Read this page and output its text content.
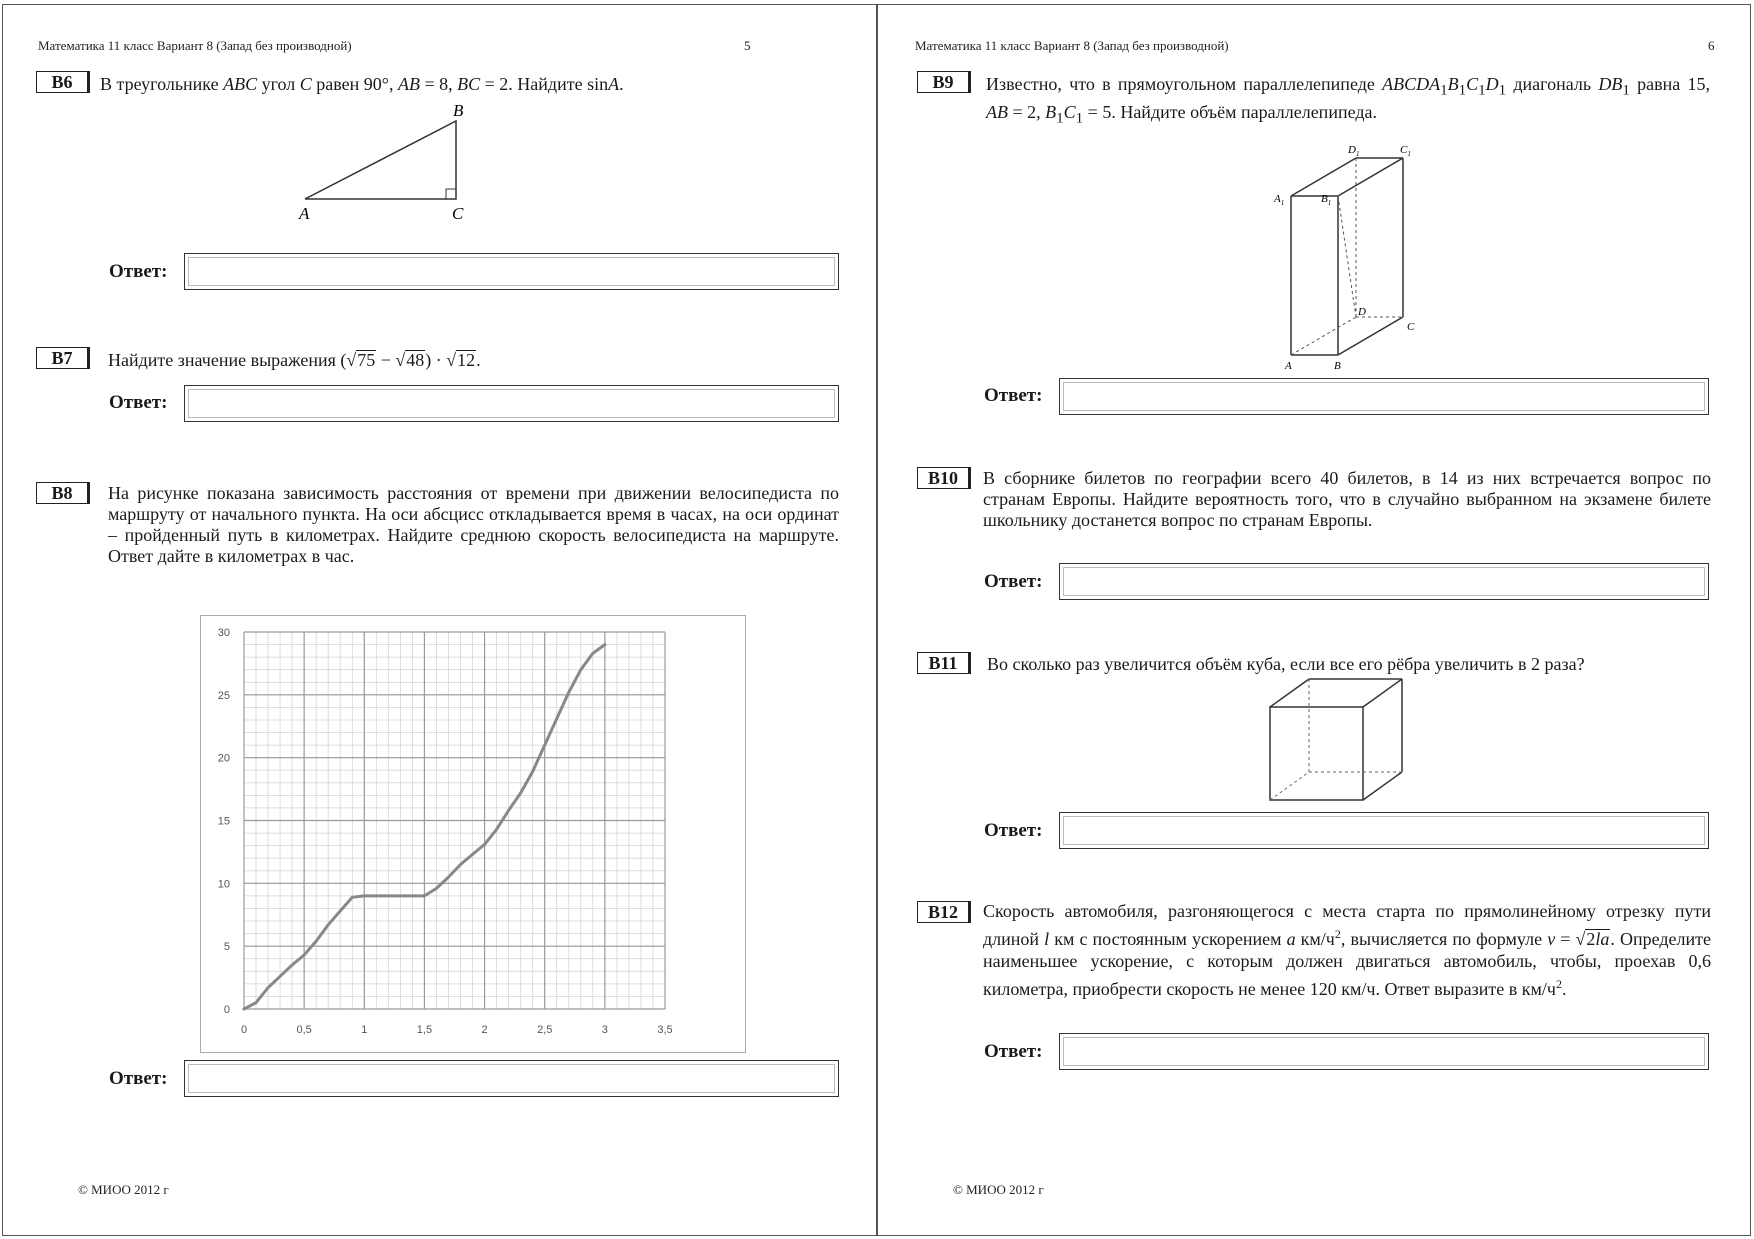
Математика 11 класс Вариант 8 (Запад без производной)	5
B6	В треугольнике ABC угол C равен 90°, AB = 8, BC = 2. Найдите sinA.
B
A	C
Ответ:
B7	Найдите значение выражения (√75 − √48) · √12.
Ответ:
B8	На рисунке показана зависимость расстояния от времени при движении велосипедиста по маршруту от начального пункта. На оси абсцисс откладывается время в часах, на оси ординат – пройденный путь в километрах. Найдите среднюю скорость велосипедиста на маршруте. Ответ дайте в километрах в час.
0	0,5	1	1,5	2	2,5	3	3,5
0
5
10
15
20
25
30
Ответ:
© МИОО 2012 г
Математика 11 класс Вариант 8 (Запад без производной)	6
B9	Известно, что в прямоугольном параллелепипеде $ABCDA_1B_1C_1D_1$ диагональ $DB_1$ равна 15, AB = 2, $B_1C_1 = 5$. Найдите объём параллелепипеда.
$A_1$	$B_1$
$D_1$	$C_1$
D
C
A	B
Ответ:
B10	В сборнике билетов по географии всего 40 билетов, в 14 из них встречается вопрос по странам Европы. Найдите вероятность того, что в случайно выбранном на экзамене билете школьнику достанется вопрос по странам Европы.
Ответ:
B11	Во сколько раз увеличится объём куба, если все его рёбра увеличить в 2 раза?
Ответ:
B12	Скорость автомобиля, разгоняющегося с места старта по прямолинейному отрезку пути длиной l км с постоянным ускорением a $км/ч^2$, вычисляется по формуле v = √2la. Определите наименьшее ускорение, с которым должен двигаться автомобиль, чтобы, проехав 0,6 километра, приобрести скорость не менее 120 км/ч. Ответ выразите в $км/ч^2$.
Ответ:
© МИОО 2012 г
